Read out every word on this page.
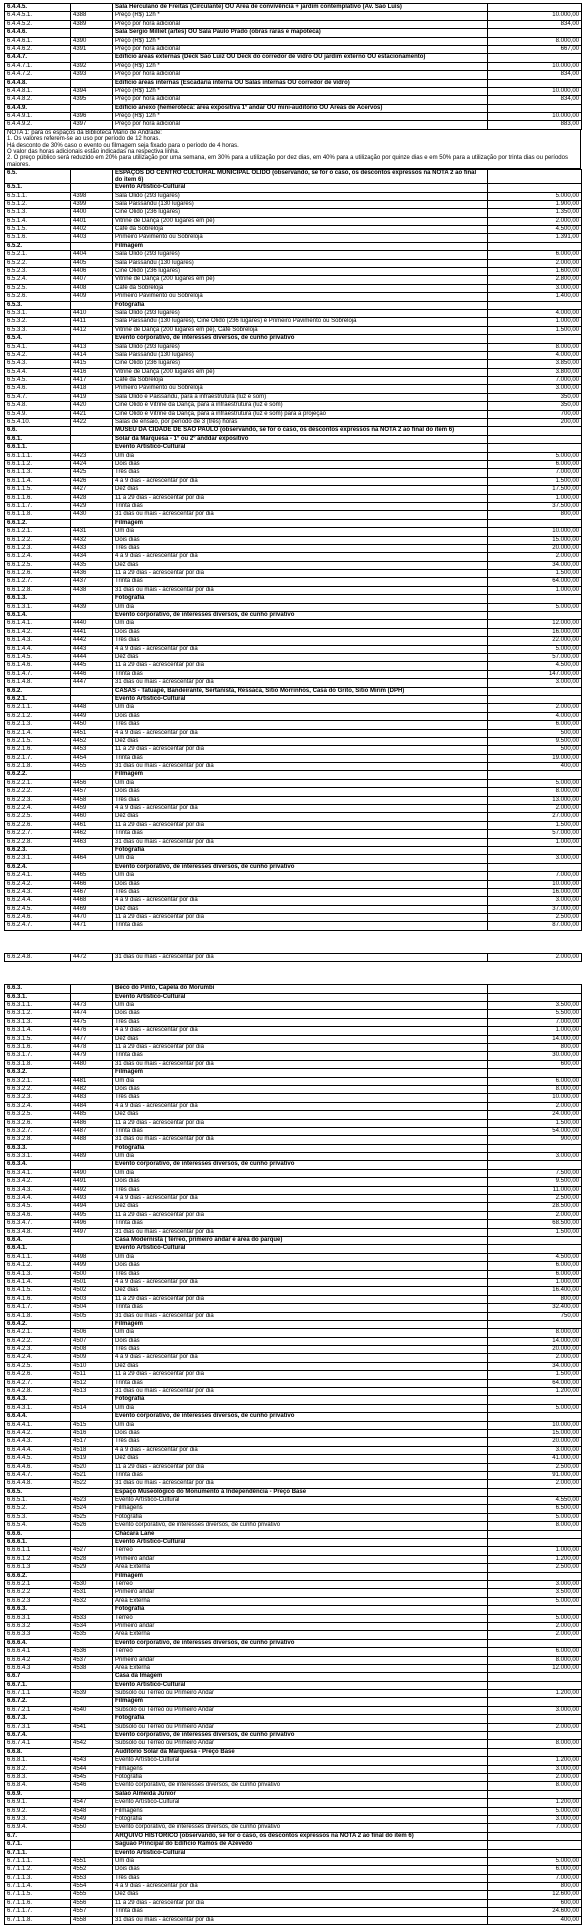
6.4.4.5.		Sala Herculano de Freitas (Circulante) OU Área de convivência + jardim contemplativo (Av. São Luís)	
6.4.4.5.1.	4388	Preço (R$) 12h *	10.000,00
6.4.4.5.2.	4389	Preço por hora adicional	834,00
6.4.4.6.		Sala Sergio Milliet (artes) OU Sala Paulo Prado (obras raras e mapoteca)	
6.4.4.6.1.	4390	Preço (R$) 12h *	8.000,00
6.4.4.6.2.	4391	Preço por hora adicional	667,00
6.4.4.7.		Edifício áreas externas (Deck São Luiz OU Deck do corredor de vidro OU jardim externo OU estacionamento)	
6.4.4.7.1.	4392	Preço (R$) 12h *	10.000,00
6.4.4.7.2.	4393	Preço por hora adicional	834,00
6.4.4.8.		Edifício áreas internas (Escadaria interna OU Salas internas OU corredor de vidro)	
6.4.4.8.1.	4394	Preço (R$) 12h *	10.000,00
6.4.4.8.2.	4395	Preço por hora adicional	834,00
6.4.4.9.		Edifício anexo (hemeroteca: área expositiva 1º andar OU mini-auditório OU Áreas de Acervos)	
6.4.4.9.1.	4396	Preço (R$) 12h *	10.000,00
6.4.4.9.2.	4397	Preço por hora adicional	883,00
NOTA 1: para os espaços da Biblioteca Mário de Andrade:
1. Os valores referem-se ao uso por período de 12 horas.
Há desconto de 30% caso o evento ou filmagem seja fixado para o período de 4 horas.
O valor das horas adicionais estão indicadas na respectiva linha.
2. O preço público será reduzido em 20% para utilização por uma semana, em 30% para a utilização por dez dias, em 40% para a utilização por quinze dias e em 50% para a utilização por trinta dias ou períodos maiores.
6.5.		ESPAÇOS DO CENTRO CULTURAL MUNICIPAL OLIDO (observando, se for o caso, os descontos expressos na NOTA 2 ao final do item 6)	
6.5.1.		Evento Artístico-Cultural	
6.5.1.1.	4398	Sala Olido (293 lugares)	5.000,00
6.5.1.2.	4399	Sala Paissandu (130 lugares)	1.900,00
6.5.1.3.	4400	Cine Olido (236 lugares)	1.350,00
6.5.1.4.	4401	Vitrine de Dança (200 lugares em pé)	2.000,00
6.5.1.5.	4402	Café da Sobreloja	4.500,00
6.5.1.6.	4403	Primeiro Pavimento ou Sobreloja	1.391,00
6.5.2.		Filmagem	
6.5.2.1.	4404	Sala Olido (293 lugares)	6.000,00
6.5.2.2.	4405	Sala Paissandu (130 lugares)	2.000,00
6.5.2.3.	4406	Cine Olido (236 lugares)	1.600,00
6.5.2.4.	4407	Vitrine de Dança (200 lugares em pé)	2.800,00
6.5.2.5.	4408	Café da Sobreloja	3.000,00
6.5.2.6.	4409	Primeiro Pavimento ou Sobreloja	1.400,00
6.5.3.		Fotografia	
6.5.3.1.	4410	Sala Olido (293 lugares)	4.000,00
6.5.3.2.	4411	Sala Paissandu (130 lugares), Cine Olido (236 lugares) e Primeiro Pavimento ou Sobreloja	1.000,00
6.5.3.3.	4412	Vitrine de Dança (200 lugares em pé), Café Sobreloja	1.500,00
6.5.4.		Evento corporativo, de interesses diversos, de cunho privativo	
6.5.4.1.	4413	Sala Olido (293 lugares)	8.000,00
6.5.4.2.	4414	Sala Paissandu (130 lugares)	4.000,00
6.5.4.3.	4415	Cine Olido (236 lugares)	3.850,00
6.5.4.4.	4416	Vitrine de Dança (200 lugares em pé)	3.800,00
6.5.4.5.	4417	Café da Sobreloja	7.000,00
6.5.4.6.	4418	Primeiro Pavimento ou Sobreloja	3.000,00
6.5.4.7.	4419	Sala Olido e Paissandu, para a infraestrutura (luz e som)	350,00
6.5.4.8.	4420	Cine Olido e Vitrine da Dança, para a infraestrutura (luz e som)	350,00
6.5.4.9.	4421	Cine Olido e Vitrine da Dança, para a infraestrutura (luz e som) para a projeção	700,00
6.5.4.10.	4422	Salas de ensaio, por período de 3 (três) horas	200,00
6.6.		MUSEU DA CIDADE DE SÃO PAULO (observando, se for o caso, os descontos expressos na NOTA 2 ao final do item 6)	
6.6.1.		Solar da Marquesa - 1º ou 2º anddar expositivo	
6.6.1.1.		Evento Artístico-Cultural	
6.6.1.1.1.	4423	Um dia	5.000,00
6.6.1.1.2.	4424	Dois dias	6.000,00
6.6.1.1.3.	4425	Três dias	7.000,00
6.6.1.1.4.	4426	4 a 9 dias - acrescentar por dia	1.500,00
6.6.1.1.5.	4427	Dez dias	17.500,00
6.6.1.1.6.	4428	11 a 29 dias - acrescentar por dia	1.000,00
6.6.1.1.7.	4429	Trinta dias	37.500,00
6.6.1.1.8.	4430	31 dias ou mais - acrescentar por dia	800,00
6.6.1.2.		Filmagem	
6.6.1.2.1.	4431	Um dia	10.000,00
6.6.1.2.2.	4432	Dois dias	15.000,00
6.6.1.2.3.	4433	Três dias	20.000,00
6.6.1.2.4.	4434	4 a 9 dias - acrescentar por dia	2.000,00
6.6.1.2.5.	4435	Dez dias	34.000,00
6.6.1.2.6.	4436	11 a 29 dias - acrescentar por dia	1.500,00
6.6.1.2.7.	4437	Trinta dias	64.000,00
6.6.1.2.8.	4438	31 dias ou mais - acrescentar por dia	1.000,00
6.6.1.3.		Fotografia	
6.6.1.3.1.	4439	Um dia	5.000,00
6.6.1.4.		Evento corporativo, de interesses diversos, de cunho privativo	
6.6.1.4.1.	4440	Um dia	12.000,00
6.6.1.4.2.	4441	Dois dias	16.000,00
6.6.1.4.3.	4442	Três dias	22.000,00
6.6.1.4.4.	4443	4 a 9 dias - acrescentar por dia	5.000,00
6.6.1.4.5.	4444	Dez dias	57.000,00
6.6.1.4.6.	4445	11 a 29 dias - acrescentar por dia	4.500,00
6.6.1.4.7.	4446	Trinta dias	147.000,00
6.6.1.4.8.	4447	31 dias ou mais - acrescentar por dia	3.000,00
6.6.2.		CASAS - Tatuapé, Bandeirante, Sertanista, Ressaca, Sítio Morrinhos, Casa do Grito, Sítio Mirim (DPH)	
6.6.2.1.		Evento Artístico-Cultural	
6.6.2.1.1.	4448	Um dia	2.000,00
6.6.2.1.2.	4449	Dois dias	4.000,00
6.6.2.1.3.	4450	Três dias	6.000,00
6.6.2.1.4.	4451	4 a 9 dias - acrescentar por dia	500,00
6.6.2.1.5.	4452	Dez dias	9.500,00
6.6.2.1.6.	4453	11 a 29 dias - acrescentar por dia	500,00
6.6.2.1.7.	4454	Trinta dias	19.000,00
6.6.2.1.8.	4455	31 dias ou mais - acrescentar por dia	400,00
6.6.2.2.		Filmagem	
6.6.2.2.1.	4456	Um dia	5.000,00
6.6.2.2.2.	4457	Dois dias	8.000,00
6.6.2.2.3.	4458	Três dias	13.000,00
6.6.2.2.4.	4459	4 a 9 dias - acrescentar por dia	2.000,00
6.6.2.2.5.	4460	Dez dias	27.000,00
6.6.2.2.6.	4461	11 a 29 dias - acrescentar por dia	1.500,00
6.6.2.2.7.	4462	Trinta dias	57.000,00
6.6.2.2.8.	4463	31 dias ou mais - acrescentar por dia	1.000,00
6.6.2.3.		Fotografia	
6.6.2.3.1.	4464	Um dia	3.000,00
6.6.2.4.		Evento corporativo, de interesses diversos, de cunho privativo	
6.6.2.4.1.	4465	Um dia	7.000,00
6.6.2.4.2.	4466	Dois dias	10.000,00
6.6.2.4.3.	4467	Três dias	16.000,00
6.6.2.4.4.	4468	4 a 9 dias - acrescentar por dia	3.000,00
6.6.2.4.5.	4469	Dez dias	37.000,00
6.6.2.4.6.	4470	11 a 29 dias - acrescentar por dia	2.500,00
6.6.2.4.7.	4471	Trinta dias	87.000,00
6.6.2.4.8.	4472	31 dias ou mais - acrescentar por dia	2.000,00
6.6.3.		Beco do Pinto, Capela do Morumbi	
6.6.3.1.		Evento Artístico-Cultural	
6.6.3.1.1.	4473	Um dia	3.500,00
6.6.3.1.2.	4474	Dois dias	5.500,00
6.6.3.1.3.	4475	Três dias	7.000,00
6.6.3.1.4.	4476	4 a 9 dias - acrescentar por dia	1.000,00
6.6.3.1.5.	4477	Dez dias	14.000,00
6.6.3.1.6.	4478	11 a 29 dias - acrescentar por dia	800,00
6.6.3.1.7.	4479	Trinta dias	30.000,00
6.6.3.1.8.	4480	31 dias ou mais - acrescentar por dia	600,00
6.6.3.2.		Filmagem	
6.6.3.2.1.	4481	Um dia	6.000,00
6.6.3.2.2.	4482	Dois dias	8.000,00
6.6.3.2.3.	4483	Três dias	10.000,00
6.6.3.2.4.	4484	4 a 9 dias - acrescentar por dia	2.000,00
6.6.3.2.5.	4485	Dez dias	24.000,00
6.6.3.2.6.	4486	11 a 29 dias - acrescentar por dia	1.500,00
6.6.3.2.7.	4487	Trinta dias	54.000,00
6.6.3.2.8.	4488	31 dias ou mais - acrescentar por dia	900,00
6.6.3.3.		Fotografia	
6.6.3.3.1.	4489	Um dia	3.000,00
6.6.3.4.		Evento corporativo, de interesses diversos, de cunho privativo	
6.6.3.4.1.	4490	Um dia	7.500,00
6.6.3.4.2.	4491	Dois dias	9.500,00
6.6.3.4.3.	4492	Três dias	11.000,00
6.6.3.4.4.	4493	4 a 9 dias - acrescentar por dia	2.500,00
6.6.3.4.5.	4494	Dez dias	28.500,00
6.6.3.4.6.	4495	11 a 29 dias - acrescentar por dia	2.000,00
6.6.3.4.7.	4496	Trinta dias	68.500,00
6.6.3.4.8.	4497	31 dias ou mais - acrescentar por dia	1.500,00
6.6.4.		Casa Modernista ( térreo, primeiro andar e área do parque)	
6.6.4.1.		Evento Artístico-Cultural	
6.6.4.1.1.	4498	Um dia	4.500,00
6.6.4.1.2.	4499	Dois dias	6.000,00
6.6.4.1.3.	4500	Três dias	6.000,00
6.6.4.1.4.	4501	4 a 9 dias - acrescentar por dia	1.000,00
6.6.4.1.5.	4502	Dez dias	16.400,00
6.6.4.1.6.	4503	11 a 29 dias - acrescentar por dia	800,00
6.6.4.1.7.	4504	Trinta dias	32.400,00
6.6.4.1.8.	4505	31 dias ou mais - acrescentar por dia	750,00
6.6.4.2.		Filmagem	
6.6.4.2.1.	4506	Um dia	8.000,00
6.6.4.2.2.	4507	Dois dias	14.000,00
6.6.4.2.3.	4508	Três dias	20.000,00
6.6.4.2.4.	4509	4 a 9 dias - acrescentar por dia	2.000,00
6.6.4.2.5.	4510	Dez dias	34.000,00
6.6.4.2.6.	4511	11 a 29 dias - acrescentar por dia	1.500,00
6.6.4.2.7.	4512	Trinta dias	64.000,00
6.6.4.2.8.	4513	31 dias ou mais - acrescentar por dia	1.200,00
6.6.4.3.		Fotografia	
6.6.4.3.1.	4514	Um dia	5.000,00
6.6.4.4.		Evento corporativo, de interesses diversos, de cunho privativo	
6.6.4.4.1.	4515	Um dia	10.000,00
6.6.4.4.2.	4516	Dois dias	15.000,00
6.6.4.4.3.	4517	Três dias	20.000,00
6.6.4.4.4.	4518	4 a 9 dias - acrescentar por dia	3.000,00
6.6.4.4.5.	4519	Dez dias	41.000,00
6.6.4.4.6.	4520	11 a 29 dias - acrescentar por dia	2.500,00
6.6.4.4.7.	4521	Trinta dias	91.000,00
6.6.4.4.8.	4522	31 dias ou mais - acrescentar por dia	2.000,00
6.6.5.		Espaço Museológico do Monumento à Independência - Preço Base	
6.6.5.1.	4523	Evento Artístico-Cultural	4.550,00
6.6.5.2.	4524	Filmagens	6.500,00
6.6.5.3.	4525	Fotografia	5.000,00
6.6.5.4.	4526	Evento corporativo, de interesses diversos, de cunho privativo	8.000,00
6.6.6.		Chácara Lane	
6.6.6.1.		Evento Artístico-Cultural	
6.6.6.1.1	4527	Térreo	1.000,00
6.6.6.1.2	4528	Primeiro andar	1.200,00
6.6.6.1.3	4529	Área Externa	2.500,00
6.6.6.2.		Filmagem	
6.6.6.2.1	4530	Térreo	3.000,00
6.6.6.2.2	4531	Primeiro andar	3.500,00
6.6.6.2.3	4532	Área Externa	5.000,00
6.6.6.3.		Fotografia	
6.6.6.3.1	4533	Térreo	5.000,00
6.6.6.3.2	4534	Primeiro andar	2.000,00
6.6.6.3.3	4535	Área Externa	2.000,00
6.6.6.4.		Evento corporativo, de interesses diversos, de cunho privativo	
6.6.6.4.1	4536	Térreo	6.000,00
6.6.6.4.2	4537	Primeiro andar	8.000,00
6.6.6.4.3	4538	Área Externa	12.000,00
6.6.7		Casa da Imagem	
6.6.7.1.		Evento Artístico-Cultural	
6.6.7.1.1	4539	Subsolo ou Térreo ou Primeiro Andar	1.200,00
6.6.7.2.		Filmagem	
6.6.7.2.1	4540	Subsolo ou Térreo ou Primeiro Andar	3.000,00
6.6.7.3.		Fotografia	
6.6.7.3.1	4541	Subsolo ou Térreo ou Primeiro Andar	2.000,00
6.6.7.4.		Evento corporativo, de interesses diversos, de cunho privativo	
6.6.7.4.1	4542	Subsolo ou Térreo ou Primeiro Andar	8.000,00
6.6.8.		Auditório Solar da Marquesa - Preço Base	
6.6.8.1.	4543	Evento Artístico-Cultural	1.200,00
6.6.8.2.	4544	Filmagens	3.000,00
6.6.8.3.	4545	Fotografia	2.000,00
6.6.8.4.	4546	Evento corporativo, de interesses diversos, de cunho privativo	8.000,00
6.6.9.		Salão Almeida Júnior	
6.6.9.1.	4547	Evento Artístico-Cultural	1.200,00
6.6.9.2.	4548	Filmagens	5.000,00
6.6.9.3.	4549	Fotografia	3.000,00
6.6.9.4.	4550	Evento corporativo, de interesses diversos, de cunho privativo	7.000,00
6.7.		ARQUIVO HISTÓRICO (observando, se for o caso, os descontos expressos na NOTA 2 ao final do item 6)	
6.7.1.		Saguão Principal do Edifício Ramos de Azevedo	
6.7.1.1.		Evento Artístico-Cultural	
6.7.1.1.1.	4551	Um dia	5.000,00
6.7.1.1.2.	4552	Dois dias	6.000,00
6.7.1.1.3.	4553	Três dias	7.000,00
6.7.1.1.4.	4554	4 a 9 dias - acrescentar por dia	800,00
6.7.1.1.5.	4555	Dez dias	12.600,00
6.7.1.1.6.	4556	11 a 29 dias - acrescentar por dia	600,00
6.7.1.1.7.	4557	Trinta dias	24.600,00
6.7.1.1.8.	4558	31 dias ou mais - acrescentar por dia	400,00
